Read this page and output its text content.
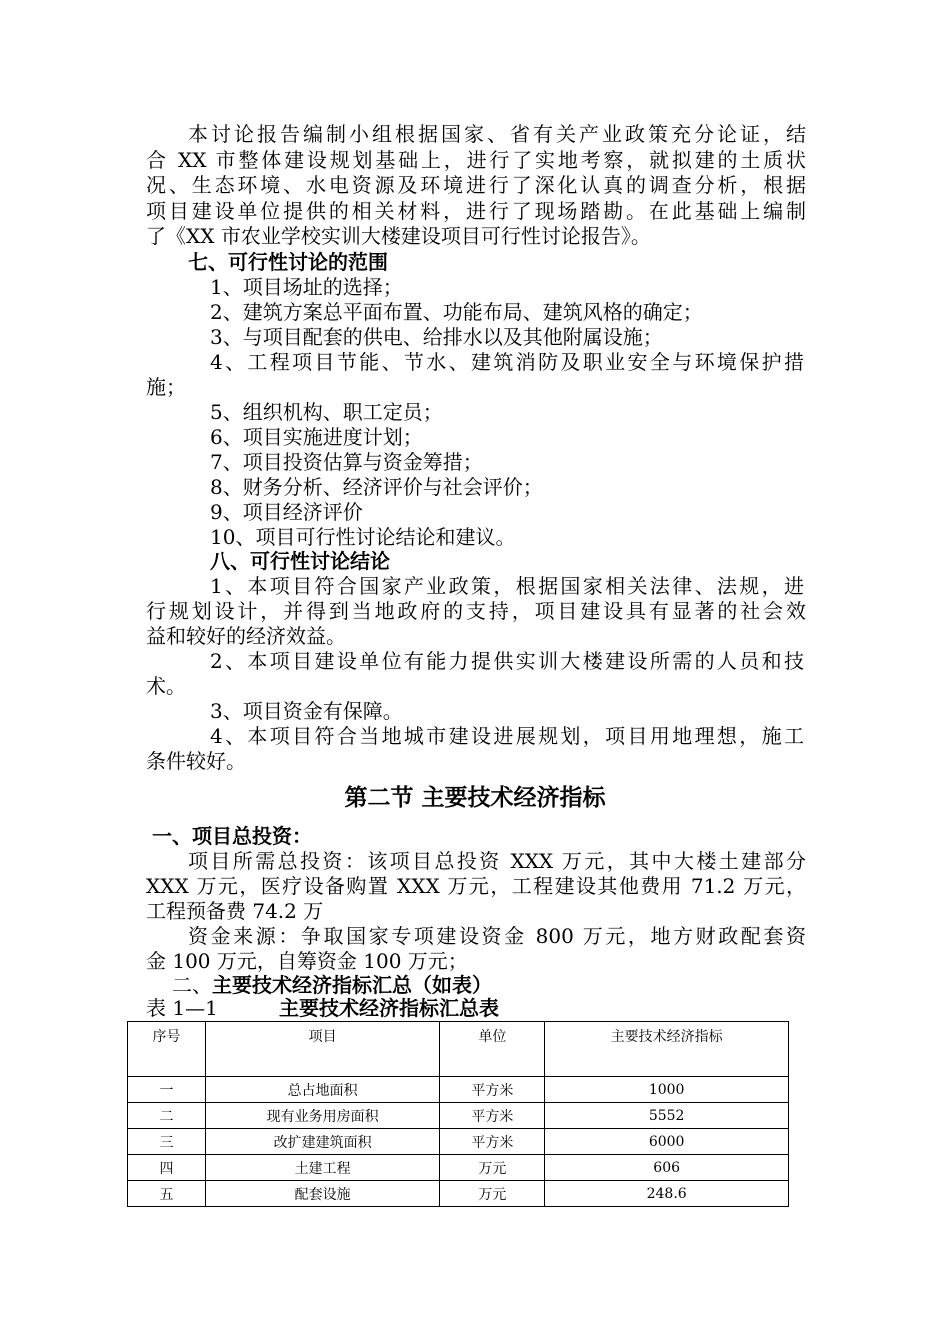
本讨论报告编制小组根据国家、省有关产业政策充分论证，结
合 XX 市整体建设规划基础上，进行了实地考察，就拟建的土质状
况、生态环境、水电资源及环境进行了深化认真的调查分析，根据
项目建设单位提供的相关材料，进行了现场踏勘。在此基础上编制
了《XX 市农业学校实训大楼建设项目可行性讨论报告》。
七、可行性讨论的范围
1、项目场址的选择；
2、建筑方案总平面布置、功能布局、建筑风格的确定；
3、与项目配套的供电、给排水以及其他附属设施；
4、工程项目节能、节水、建筑消防及职业安全与环境保护措
施；
5、组织机构、职工定员；
6、项目实施进度计划；
7、项目投资估算与资金筹措；
8、财务分析、经济评价与社会评价；
9、项目经济评价
10、项目可行性讨论结论和建议。
八、可行性讨论结论
1、本项目符合国家产业政策，根据国家相关法律、法规，进
行规划设计，并得到当地政府的支持，项目建设具有显著的社会效
益和较好的经济效益。
2、本项目建设单位有能力提供实训大楼建设所需的人员和技
术。
3、项目资金有保障。
4、本项目符合当地城市建设进展规划，项目用地理想，施工
条件较好。
第二节 主要技术经济指标
一、项目总投资：
项目所需总投资：该项目总投资 XXX 万元，其中大楼土建部分
XXX 万元，医疗设备购置 XXX 万元，工程建设其他费用 71.2 万元，
工程预备费 74.2 万
资金来源：争取国家专项建设资金 800 万元，地方财政配套资
金 100 万元，自筹资金 100 万元；
二、主要技术经济指标汇总（如表）
表 1—1	主要技术经济指标汇总表
序号	项目	单位	主要技术经济指标
一	总占地面积	平方米	1000
二	现有业务用房面积	平方米	5552
三	改扩建建筑面积	平方米	6000
四	土建工程	万元	606
五	配套设施	万元	248.6
